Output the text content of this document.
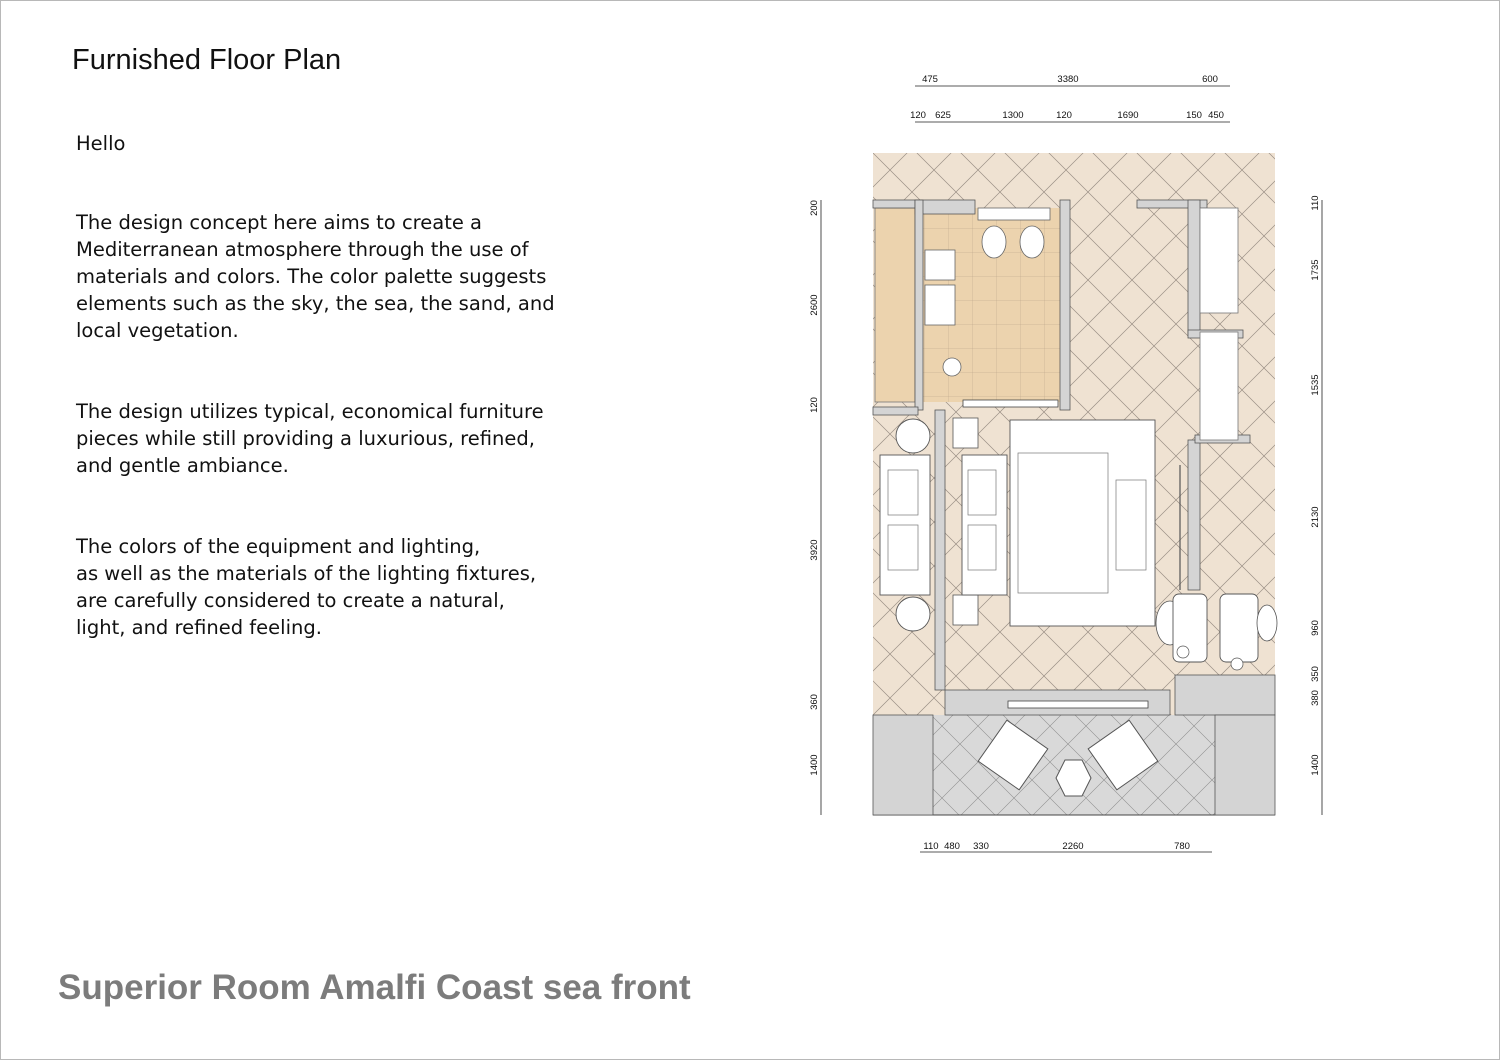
Furnished Floor Plan
Hello
The design concept here aims to create a
Mediterranean atmosphere through the use of
materials and colors. The color palette suggests
elements such as the sky, the sea, the sand, and
local vegetation.
The design utilizes typical, economical furniture
pieces while still providing a luxurious, refined,
and gentle ambiance.
The colors of the equipment and lighting,
as well as the materials of the lighting fixtures,
are carefully considered to create a natural,
light, and refined feeling.
475	3380	600
120 625	1300	120	1690	150 450
110 480 330	2260	780
200
2600
120
3920
360
1400
110
1735
1535
2130
960
350
380
1400
Superior Room Amalfi Coast sea front
